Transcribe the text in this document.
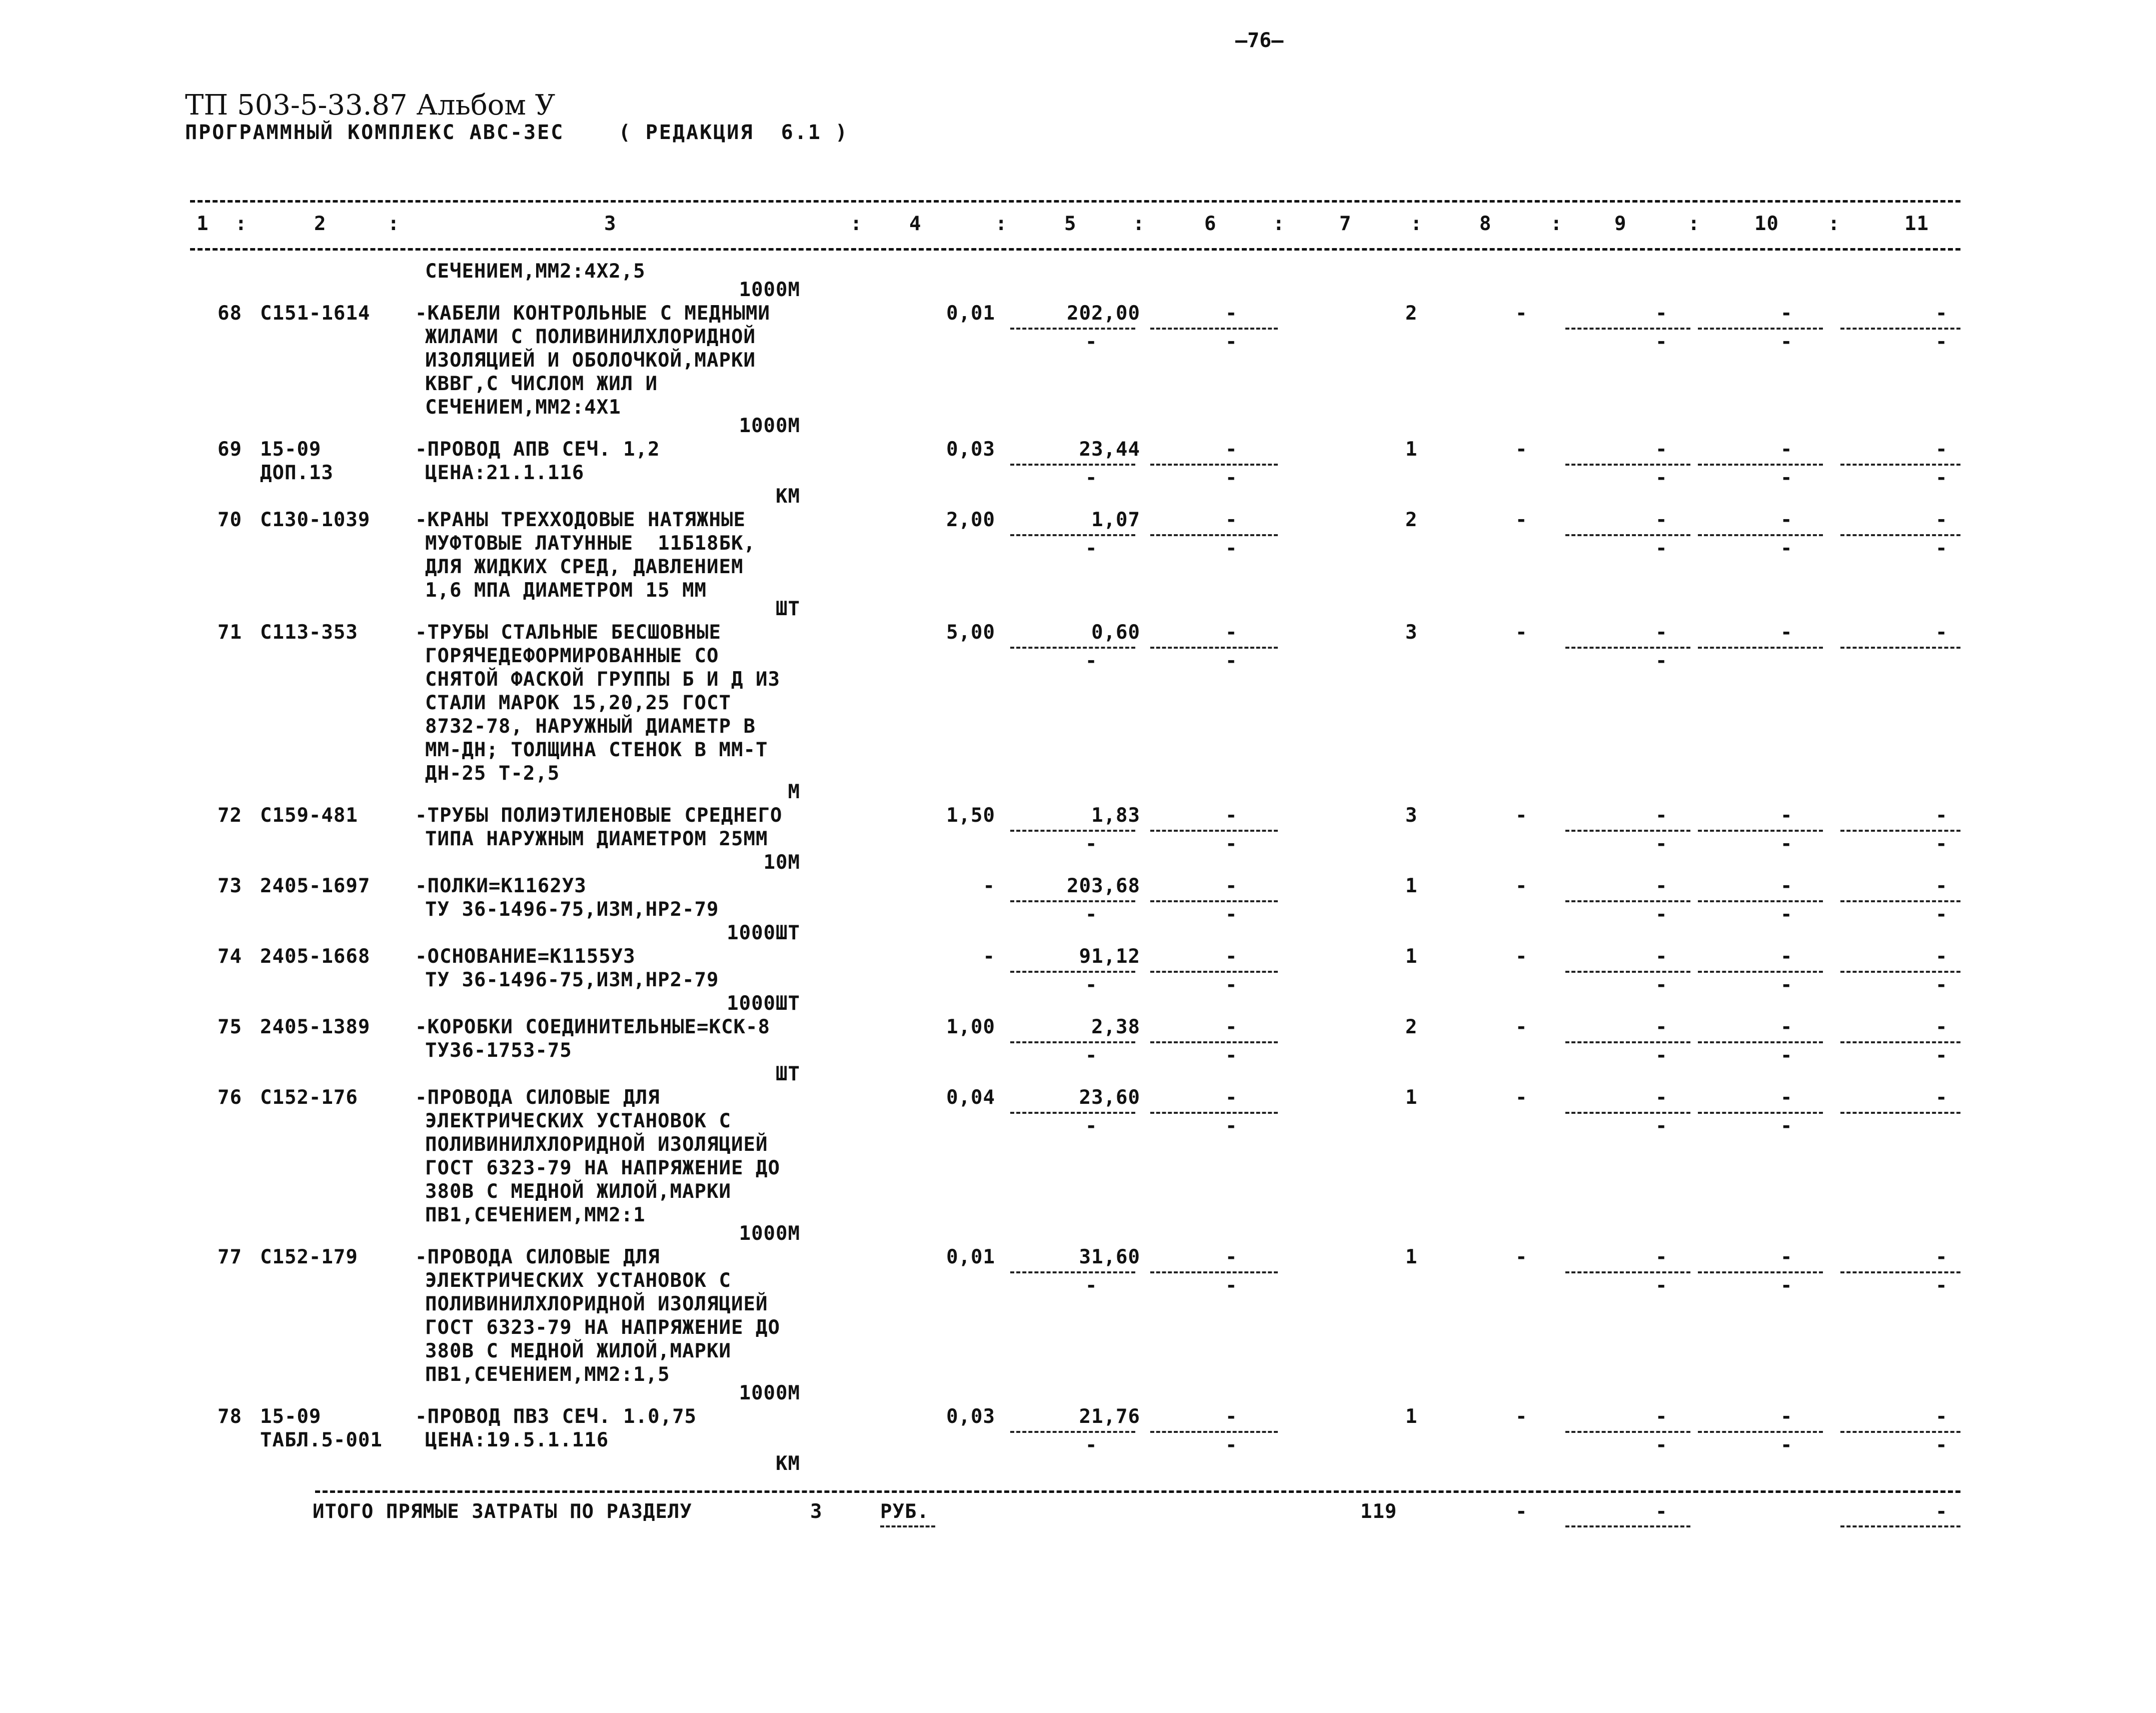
—76—
ТП 503-5-33.87 Альбом У
ПРОГРАММНЫЙ КОМПЛЕКС АВС-3ЕС    ( РЕДАКЦИЯ  6.1 )
1	2	3	4	5	6	7	8	9	10	11
:	:	:	:	:	:	:	:	:	:
СЕЧЕНИЕМ,ММ2:4Х2,5
1000М
68 С151-1614 -КАБЕЛИ КОНТРОЛЬНЫЕ С МЕДНЫМИ
ЖИЛАМИ С ПОЛИВИНИЛХЛОРИДНОЙ
ИЗОЛЯЦИЕЙ И ОБОЛОЧКОЙ,МАРКИ
КВВГ,С ЧИСЛОМ ЖИЛ И
СЕЧЕНИЕМ,ММ2:4Х1
0,01	202,00	-	2	-	-	-	-
-	-	-	-	-
1000М
69 15-09
ДОП.13
-ПРОВОД АПВ СЕЧ. 1,2
ЦЕНА:21.1.116
0,03	23,44	-	1	-	-	-	-
-	-	-	-	-
КМ
70 С130-1039 -КРАНЫ ТРЕХХОДОВЫЕ НАТЯЖНЫЕ
МУФТОВЫЕ ЛАТУННЫЕ  11Б18БК,
ДЛЯ ЖИДКИХ СРЕД, ДАВЛЕНИЕМ
1,6 МПА ДИАМЕТРОМ 15 ММ
2,00	1,07	-	2	-	-	-	-
-	-	-	-	-
ШТ
71 С113-353	-ТРУБЫ СТАЛЬНЫЕ БЕСШОВНЫЕ
ГОРЯЧЕДЕФОРМИРОВАННЫЕ СО
СНЯТОЙ ФАСКОЙ ГРУППЫ Б И Д ИЗ
СТАЛИ МАРОК 15,20,25 ГОСТ
8732-78, НАРУЖНЫЙ ДИАМЕТР В
ММ-ДН; ТОЛЩИНА СТЕНОК В ММ-Т
ДН-25 Т-2,5
5,00	0,60	-	3	-	-	-	-
-	-	-
М
72 С159-481	-ТРУБЫ ПОЛИЭТИЛЕНОВЫЕ СРЕДНЕГО
ТИПА НАРУЖНЫМ ДИАМЕТРОМ 25ММ
1,50	1,83	-	3	-	-	-	-
-	-	-	-	-
10М
73 2405-1697 -ПОЛКИ=К1162У3
ТУ 36-1496-75,ИЗМ,НР2-79
-	203,68	-	1	-	-	-	-
-	-	-	-	-
1000ШТ
74 2405-1668 -ОСНОВАНИЕ=К1155У3
ТУ 36-1496-75,ИЗМ,НР2-79
-	91,12	-	1	-	-	-	-
-	-	-	-	-
1000ШТ
75 2405-1389 -КОРОБКИ СОЕДИНИТЕЛЬНЫЕ=КСК-8
ТУ36-1753-75
1,00	2,38	-	2	-	-	-	-
-	-	-	-	-
ШТ
76 С152-176	-ПРОВОДА СИЛОВЫЕ ДЛЯ
ЭЛЕКТРИЧЕСКИХ УСТАНОВОК С
ПОЛИВИНИЛХЛОРИДНОЙ ИЗОЛЯЦИЕЙ
ГОСТ 6323-79 НА НАПРЯЖЕНИЕ ДО
380В С МЕДНОЙ ЖИЛОЙ,МАРКИ
ПВ1,СЕЧЕНИЕМ,ММ2:1
0,04	23,60	-	1	-	-	-	-
-	-	-	-
1000М
77 С152-179	-ПРОВОДА СИЛОВЫЕ ДЛЯ
ЭЛЕКТРИЧЕСКИХ УСТАНОВОК С
ПОЛИВИНИЛХЛОРИДНОЙ ИЗОЛЯЦИЕЙ
ГОСТ 6323-79 НА НАПРЯЖЕНИЕ ДО
380В С МЕДНОЙ ЖИЛОЙ,МАРКИ
ПВ1,СЕЧЕНИЕМ,ММ2:1,5
0,01	31,60	-	1	-	-	-	-
-	-	-	-	-
1000М
78 15-09
ТАБЛ.5-001
-ПРОВОД ПВ3 СЕЧ. 1.0,75
ЦЕНА:19.5.1.116
0,03	21,76	-	1	-	-	-	-
-	-	-	-	-
КМ
ИТОГО ПРЯМЫЕ ЗАТРАТЫ ПО РАЗДЕЛУ	3	РУБ.	119	-	-	-
